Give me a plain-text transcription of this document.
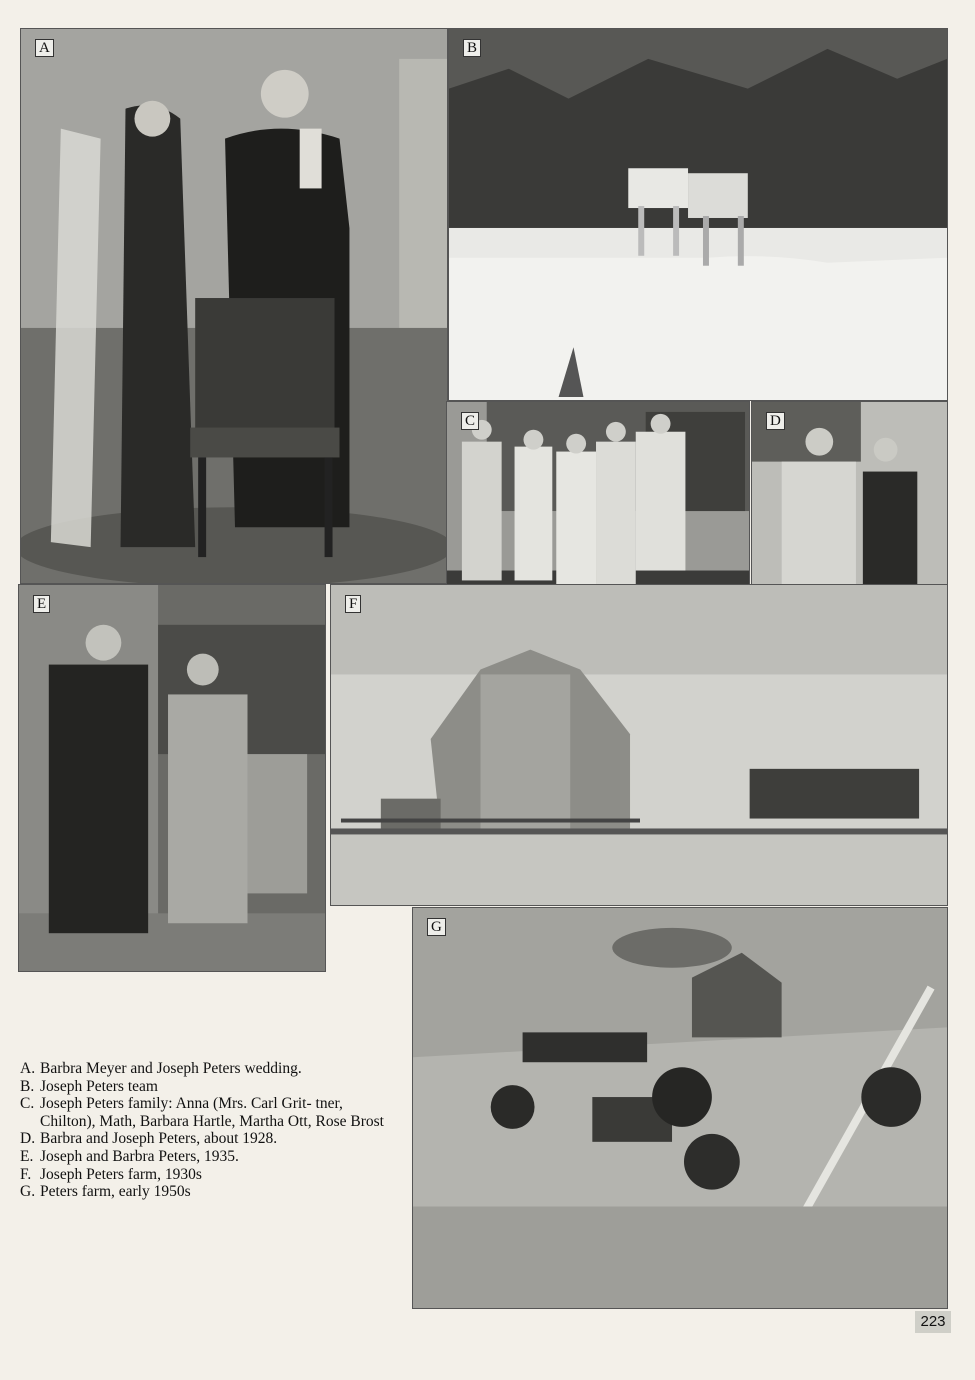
A	B
C	D
E	F
G
A. Barbra Meyer and Joseph Peters wedding.
B. Joseph Peters team
C. Joseph Peters family: Anna (Mrs. Carl Grit- tner, Chilton), Math, Barbara Hartle, Martha Ott, Rose Brost
D. Barbra and Joseph Peters, about 1928.
E. Joseph and Barbra Peters, 1935.
F. Joseph Peters farm, 1930s
G. Peters farm, early 1950s
223
